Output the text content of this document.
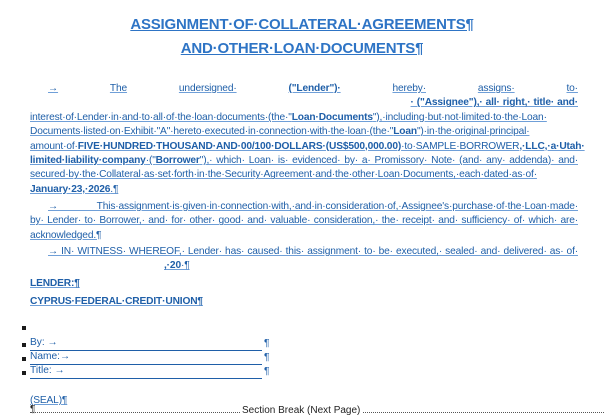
ASSIGNMENT·OF·COLLATERAL·AGREEMENTS¶
AND·OTHER·LOAN·DOCUMENTS¶
→	The	undersigned·	("Lender")·	hereby·	assigns·	to·
· ("Assignee"),· all· right,· title· and·
interest·of·Lender·in·and·to·all·of·the·loan·documents·(the·"Loan·Documents"),·including·but·not·limited·to·the·Loan·
Documents·listed·on·Exhibit·"A"·hereto·executed·in·connection·with·the·loan·(the·"Loan")·in·the·original·principal·
amount·of·FIVE·HUNDRED·THOUSAND·AND·00/100·DOLLARS·(US$500,000.00)·to·SAMPLE·BORROWER,·LLC,·a·Utah·
limited·liability·company·("Borrower"),· which· Loan· is· evidenced· by· a· Promissory· Note· (and· any· addenda)· and·
secured·by·the·Collateral·as·set·forth·in·the·Security·Agreement·and·the·other·Loan·Documents,·each·dated·as·of·
January·23,·2026.¶
→ This·assignment·is·given·in·connection·with,·and·in·consideration·of,·Assignee's·purchase·of·the·Loan·made·
by· Lender· to· Borrower,· and· for· other· good· and· valuable· consideration,· the· receipt· and· sufficiency· of· which· are·
acknowledged.¶
→ IN· WITNESS· WHEREOF,· Lender· has· caused· this· assignment· to· be· executed,· sealed· and· delivered· as· of·
,·20·¶
LENDER:¶
CYPRUS·FEDERAL·CREDIT·UNION¶
By: →	¶
Name:→	¶
Title: →	¶
(SEAL)¶
¶	Section Break (Next Page)
